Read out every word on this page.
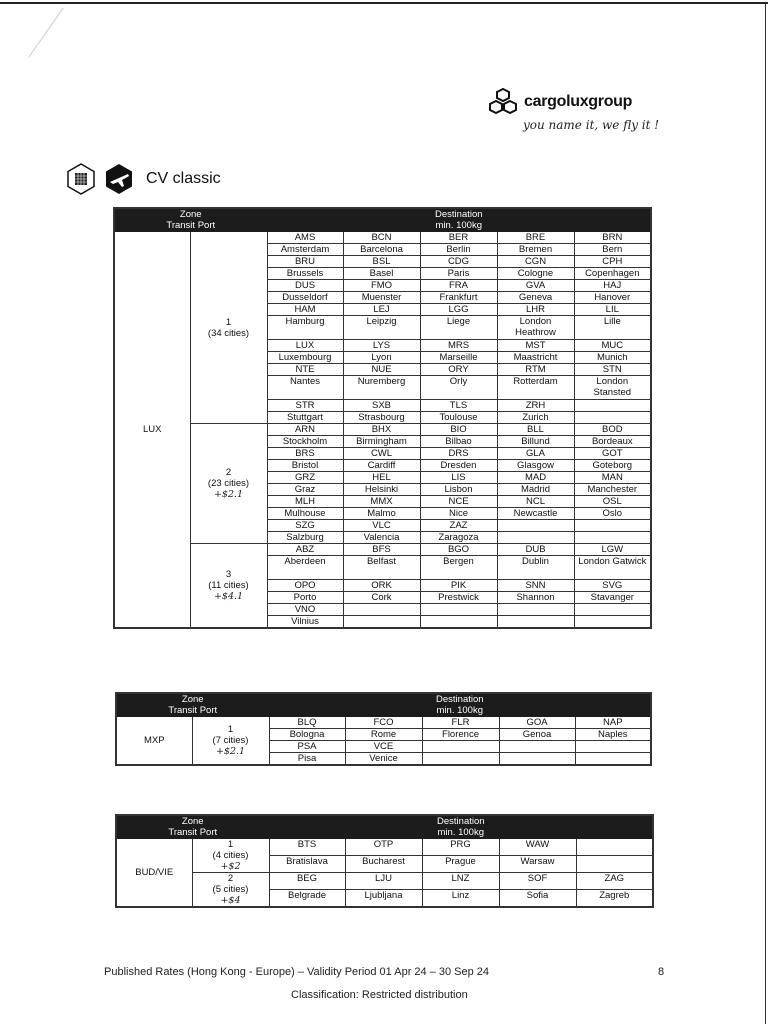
cargoluxgroup
you name it, we fly it !
CV classic
Zone
Transit Port		Destination
min. 100kg				
LUX	1
(34 cities)	AMS	BCN	BER	BRE	BRN
		Amsterdam	Barcelona	Berlin	Bremen	Bern
		BRU	BSL	CDG	CGN	CPH
		Brussels	Basel	Paris	Cologne	Copenhagen
		DUS	FMO	FRA	GVA	HAJ
		Dusseldorf	Muenster	Frankfurt	Geneva	Hanover
		HAM	LEJ	LGG	LHR	LIL
		Hamburg	Leipzig	Liege	London Heathrow	Lille
		LUX	LYS	MRS	MST	MUC
		Luxembourg	Lyon	Marseille	Maastricht	Munich
		NTE	NUE	ORY	RTM	STN
		Nantes	Nuremberg	Orly	Rotterdam	London Stansted
		STR	SXB	TLS	ZRH	
		Stuttgart	Strasbourg	Toulouse	Zurich	

	2
(23 cities)
+$2.1	ARN	BHX	BIO	BLL	BOD
		Stockholm	Birmingham	Bilbao	Billund	Bordeaux
		BRS	CWL	DRS	GLA	GOT
		Bristol	Cardiff	Dresden	Glasgow	Goteborg
		GRZ	HEL	LIS	MAD	MAN
		Graz	Helsinki	Lisbon	Madrid	Manchester
		MLH	MMX	NCE	NCL	OSL
		Mulhouse	Malmo	Nice	Newcastle	Oslo
		SZG	VLC	ZAZ		
		Salzburg	Valencia	Zaragoza		

	3
(11 cities)
+$4.1	ABZ	BFS	BGO	DUB	LGW
		Aberdeen	Belfast	Bergen	Dublin	London Gatwick
		OPO	ORK	PIK	SNN	SVG
		Porto	Cork	Prestwick	Shannon	Stavanger
		VNO				
		Vilnius				
Zone
Transit Port		Destination
min. 100kg				
MXP	1
(7 cities)
+$2.1	BLQ	FCO	FLR	GOA	NAP
		Bologna	Rome	Florence	Genoa	Naples
		PSA	VCE			
		Pisa	Venice			
Zone
Transit Port		Destination
min. 100kg				
BUD/VIE	1
(4 cities)
+$2	BTS	OTP	PRG	WAW	
		Bratislava	Bucharest	Prague	Warsaw	

	2
(5 cities)
+$4	BEG	LJU	LNZ	SOF	ZAG
		Belgrade	Ljubljana	Linz	Sofia	Zagreb
Published Rates (Hong Kong - Europe) – Validity Period 01 Apr 24 – 30 Sep 24	8
Classification: Restricted distribution
